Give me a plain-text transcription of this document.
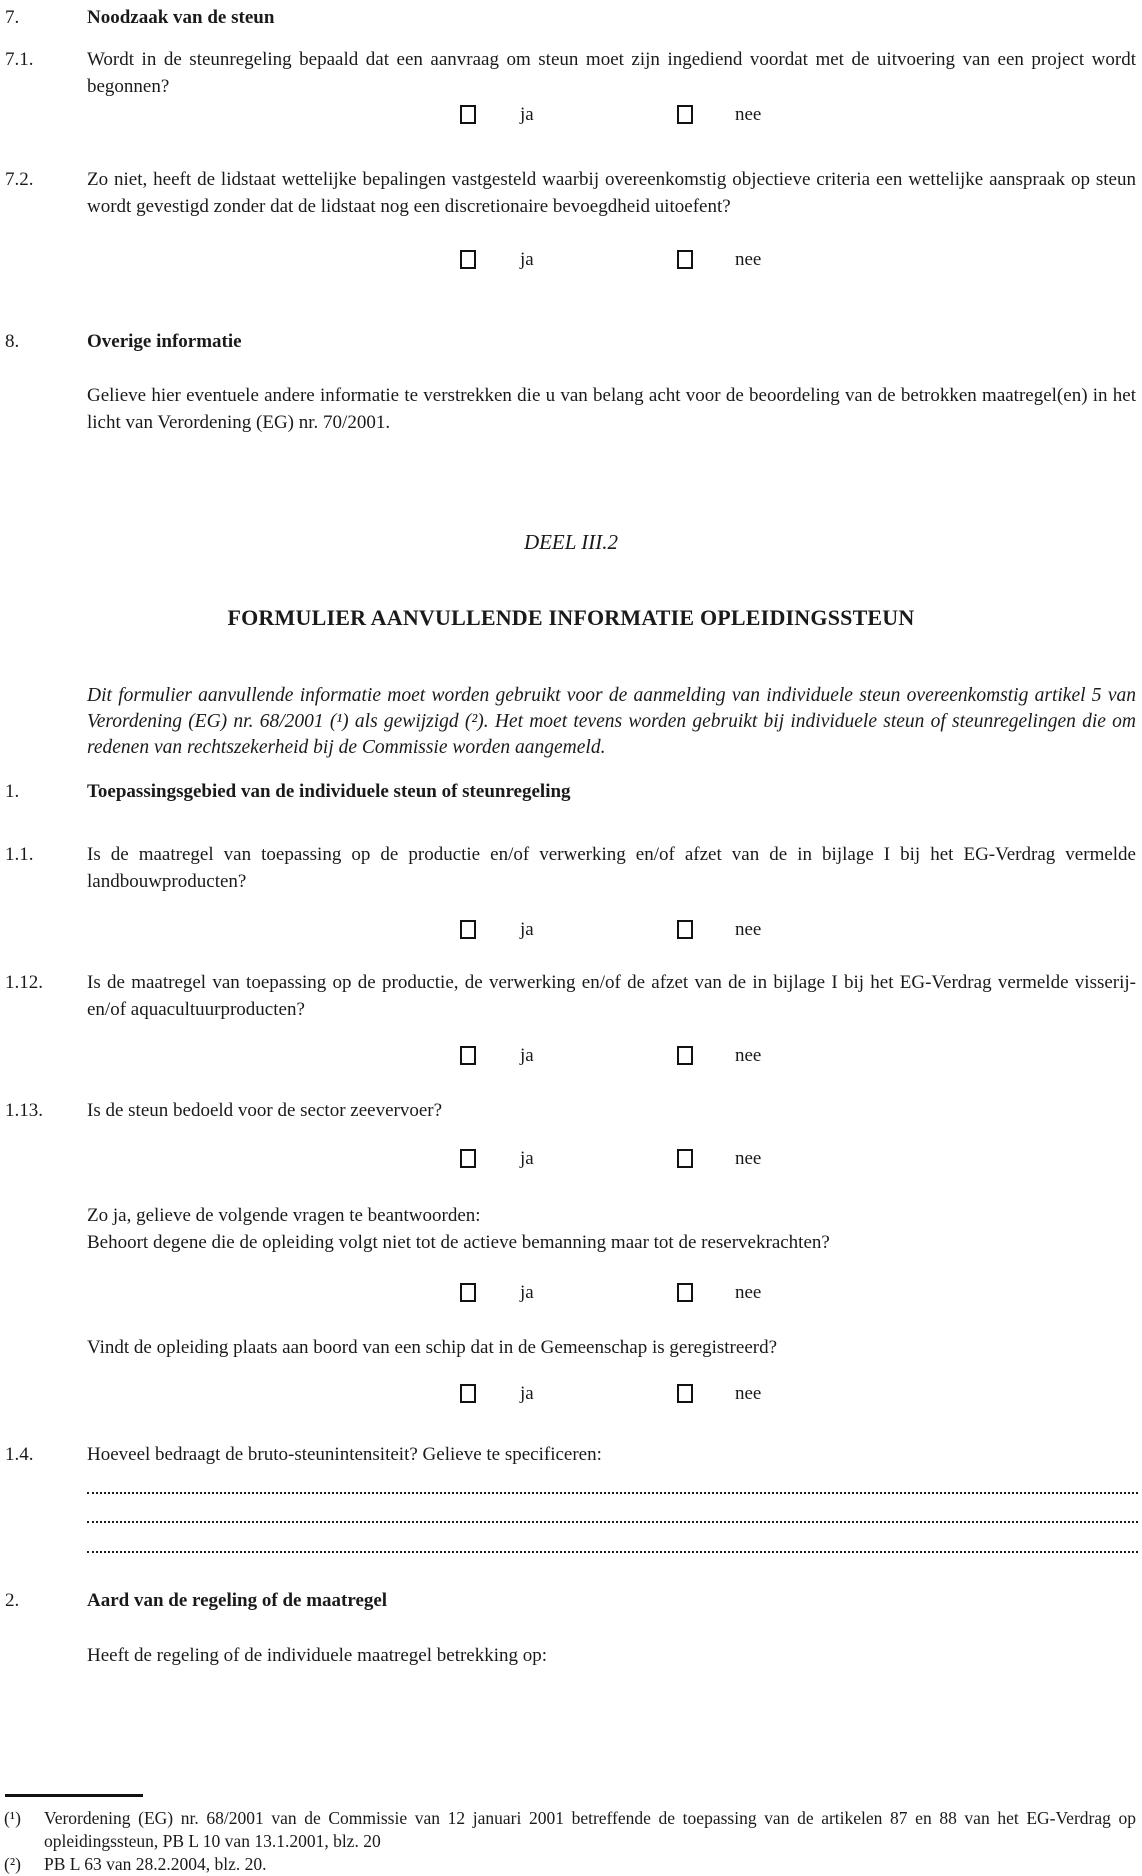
7.	Noodzaak van de steun
7.1.	Wordt in de steunregeling bepaald dat een aanvraag om steun moet zijn ingediend voordat met de uitvoering van een project wordt begonnen?
ja	nee
7.2.	Zo niet, heeft de lidstaat wettelijke bepalingen vastgesteld waarbij overeenkomstig objectieve criteria een wettelijke aanspraak op steun wordt gevestigd zonder dat de lidstaat nog een discretionaire bevoegdheid uitoefent?
ja	nee
8.	Overige informatie
Gelieve hier eventuele andere informatie te verstrekken die u van belang acht voor de beoordeling van de betrokken maatregel(en) in het licht van Verordening (EG) nr. 70/2001.
DEEL III.2
FORMULIER AANVULLENDE INFORMATIE OPLEIDINGSSTEUN
Dit formulier aanvullende informatie moet worden gebruikt voor de aanmelding van individuele steun overeenkomstig artikel 5 van Verordening (EG) nr. 68/2001 (¹) als gewijzigd (²). Het moet tevens worden gebruikt bij individuele steun of steunregelingen die om redenen van rechtszekerheid bij de Commissie worden aangemeld.
1.	Toepassingsgebied van de individuele steun of steunregeling
1.1.	Is de maatregel van toepassing op de productie en/of verwerking en/of afzet van de in bijlage I bij het EG-Verdrag vermelde landbouwproducten?
ja	nee
1.12.	Is de maatregel van toepassing op de productie, de verwerking en/of de afzet van de in bijlage I bij het EG-Verdrag vermelde visserij- en/of aquacultuurproducten?
ja	nee
1.13.	Is de steun bedoeld voor de sector zeevervoer?
ja	nee
Zo ja, gelieve de volgende vragen te beantwoorden:
Behoort degene die de opleiding volgt niet tot de actieve bemanning maar tot de reservekrachten?
ja	nee
Vindt de opleiding plaats aan boord van een schip dat in de Gemeenschap is geregistreerd?
ja	nee
1.4.	Hoeveel bedraagt de bruto-steunintensiteit? Gelieve te specificeren:
2.	Aard van de regeling of de maatregel
Heeft de regeling of de individuele maatregel betrekking op:
(¹)	Verordening (EG) nr. 68/2001 van de Commissie van 12 januari 2001 betreffende de toepassing van de artikelen 87 en 88 van het EG-Verdrag op opleidingssteun, PB L 10 van 13.1.2001, blz. 20
(²)	PB L 63 van 28.2.2004, blz. 20.
